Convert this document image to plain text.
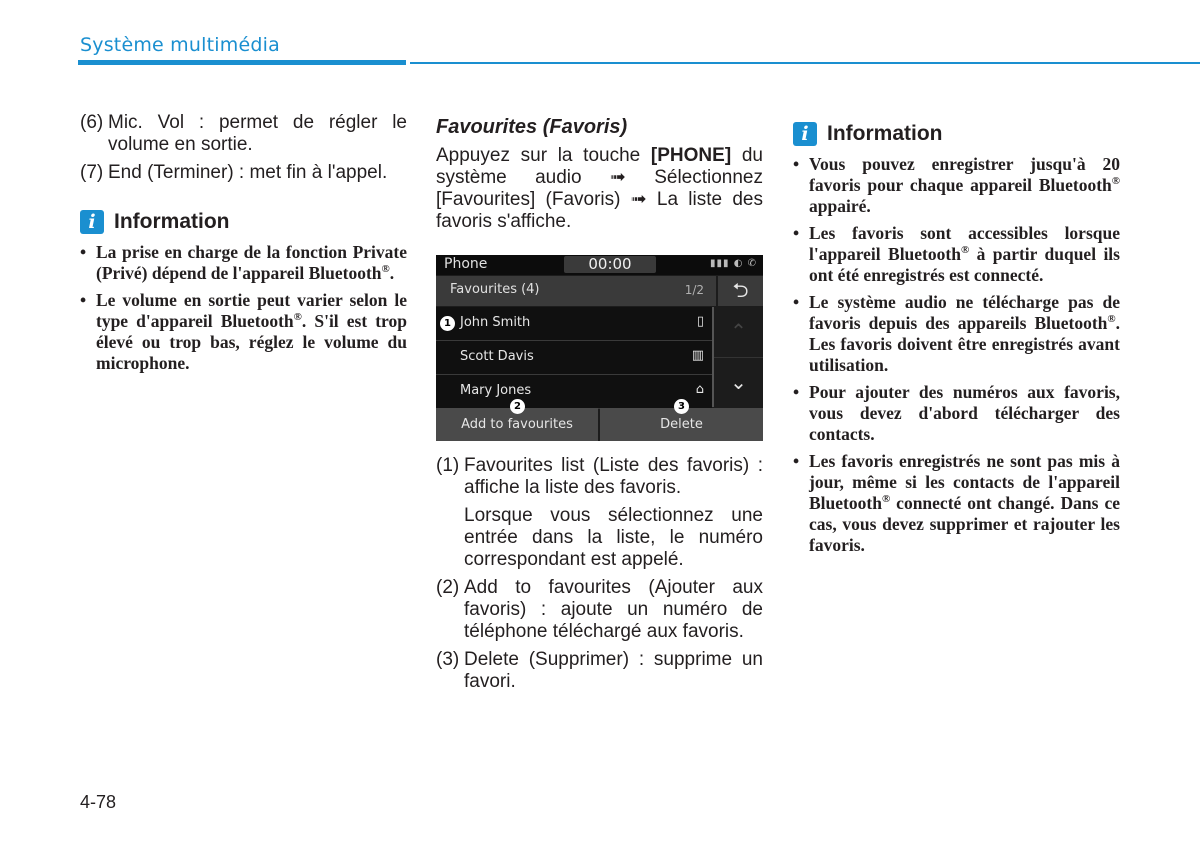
Système multimédia
(6) Mic. Vol : permet de régler le volume en sortie.
(7) End (Terminer) : met fin à l'appel.
i Information
• La prise en charge de la fonction Private (Privé) dépend de l'appareil Bluetooth®.
• Le volume en sortie peut varier selon le type d'appareil Bluetooth®. S'il est trop élevé ou trop bas, réglez le volume du microphone.
Favourites (Favoris)

Appuyez sur la touche [PHONE] du système audio ➟ Sélectionnez [Favourites] (Favoris) ➟ La liste des favoris s'affiche.

Phone	00:00	▮▮▮ ◐ ✆
Favourites (4)	1/2	⮌
1 John Smith	▯
Scott Davis	▥
Mary Jones	⌂
⌃
⌄
Add to favourites	Delete
2	3
(1) Favourites list (Liste des favoris) : affiche la liste des favoris.
Lorsque vous sélectionnez une entrée dans la liste, le numéro correspondant est appelé.
(2) Add to favourites (Ajouter aux favoris) : ajoute un numéro de téléphone téléchargé aux favoris.
(3) Delete (Supprimer) : supprime un favori.
i Information
• Vous pouvez enregistrer jusqu'à 20 favoris pour chaque appareil Bluetooth® appairé.
• Les favoris sont accessibles lorsque l'appareil Bluetooth® à partir duquel ils ont été enregistrés est connecté.
• Le système audio ne télécharge pas de favoris depuis des appareils Bluetooth®. Les favoris doivent être enregistrés avant utilisation.
• Pour ajouter des numéros aux favoris, vous devez d'abord télécharger des contacts.
• Les favoris enregistrés ne sont pas mis à jour, même si les contacts de l'appareil Bluetooth® connecté ont changé. Dans ce cas, vous devez supprimer et rajouter les favoris.
4-78
